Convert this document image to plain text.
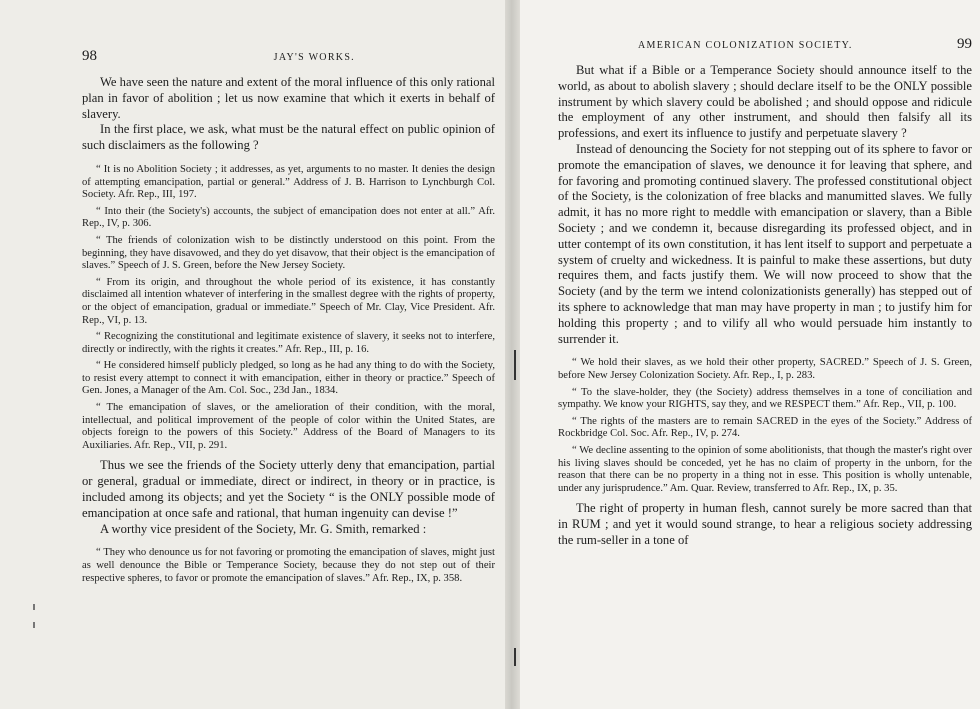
98	JAY'S WORKS.

We have seen the nature and extent of the moral influence of this only rational plan in favor of abolition ; let us now examine that which it exerts in behalf of slavery.

In the first place, we ask, what must be the natural effect on public opinion of such disclaimers as the following ?

“ It is no Abolition Society ; it addresses, as yet, arguments to no master. It denies the design of attempting emancipation, partial or general.” Address of J. B. Harrison to Lynchburgh Col. Society. Afr. Rep., III, 197.

“ Into their (the Society's) accounts, the subject of emancipation does not enter at all.” Afr. Rep., IV, p. 306.

“ The friends of colonization wish to be distinctly understood on this point. From the beginning, they have disavowed, and they do yet disavow, that their object is the emancipation of slaves.” Speech of J. S. Green, before the New Jersey Society.

“ From its origin, and throughout the whole period of its existence, it has constantly disclaimed all intention whatever of interfering in the smallest degree with the rights of property, or the object of emancipation, gradual or immediate.” Speech of Mr. Clay, Vice President. Afr. Rep., VI, p. 13.

“ Recognizing the constitutional and legitimate existence of slavery, it seeks not to interfere, directly or indirectly, with the rights it creates.” Afr. Rep., III, p. 16.

“ He considered himself publicly pledged, so long as he had any thing to do with the Society, to resist every attempt to connect it with emancipation, either in theory or practice.” Speech of Gen. Jones, a Manager of the Am. Col. Soc., 23d Jan., 1834.

“ The emancipation of slaves, or the amelioration of their condition, with the moral, intellectual, and political improvement of the people of color within the United States, are objects foreign to the powers of this Society.” Address of the Board of Managers to its Auxiliaries. Afr. Rep., VII, p. 291.

Thus we see the friends of the Society utterly deny that emancipation, partial or general, gradual or immediate, direct or indirect, in theory or in practice, is included among its objects; and yet the Society “ is the ONLY possible mode of emancipation at once safe and rational, that human ingenuity can devise !”

A worthy vice president of the Society, Mr. G. Smith, remarked :

“ They who denounce us for not favoring or promoting the emancipation of slaves, might just as well denounce the Bible or Temperance Society, because they do not step out of their respective spheres, to favor or promote the emancipation of slaves.” Afr. Rep., IX, p. 358.

AMERICAN COLONIZATION SOCIETY.	99

But what if a Bible or a Temperance Society should announce itself to the world, as about to abolish slavery ; should declare itself to be the ONLY possible instrument by which slavery could be abolished ; and should oppose and ridicule the employment of any other instrument, and should then falsify all its professions, and exert its influence to justify and perpetuate slavery ?

Instead of denouncing the Society for not stepping out of its sphere to favor or promote the emancipation of slaves, we denounce it for leaving that sphere, and for favoring and promoting continued slavery. The professed constitutional object of the Society, is the colonization of free blacks and manumitted slaves. We fully admit, it has no more right to meddle with emancipation or slavery, than a Bible Society ; and we condemn it, because disregarding its professed object, and in utter contempt of its own constitution, it has lent itself to support and perpetuate a system of cruelty and wickedness. It is painful to make these assertions, but duty requires them, and facts justify them. We will now proceed to show that the Society (and by the term we intend colonizationists generally) has stepped out of its sphere to acknowledge that man may have property in man ; to justify him for holding this property ; and to vilify all who would persuade him instantly to surrender it.

“ We hold their slaves, as we hold their other property, SACRED.” Speech of J. S. Green, before New Jersey Colonization Society. Afr. Rep., I, p. 283.

“ To the slave-holder, they (the Society) address themselves in a tone of conciliation and sympathy. We know your RIGHTS, say they, and we RESPECT them.” Afr. Rep., VII, p. 100.

“ The rights of the masters are to remain SACRED in the eyes of the Society.” Address of Rockbridge Col. Soc. Afr. Rep., IV, p. 274.

“ We decline assenting to the opinion of some abolitionists, that though the master's right over his living slaves should be conceded, yet he has no claim of property in the unborn, for the reason that there can be no property in a thing not in esse. This position is wholly untenable, under any jurisprudence.” Am. Quar. Review, transferred to Afr. Rep., IX, p. 35.

The right of property in human flesh, cannot surely be more sacred than that in RUM ; and yet it would sound strange, to hear a religious society addressing the rum-seller in a tone of
